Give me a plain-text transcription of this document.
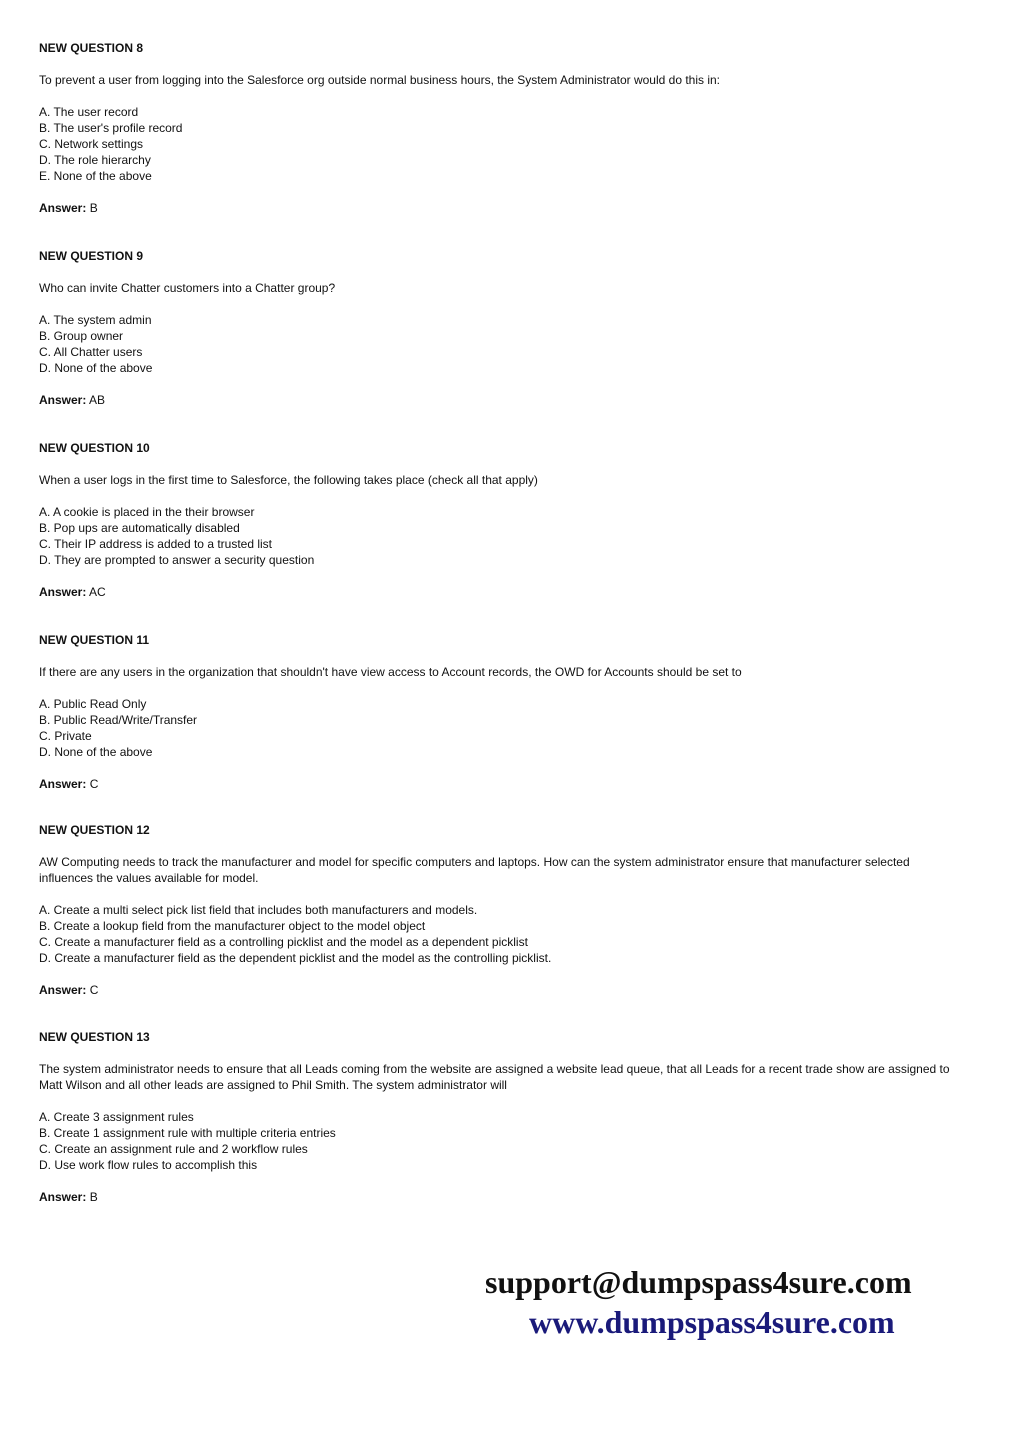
NEW QUESTION 8
To prevent a user from logging into the Salesforce org outside normal business hours, the System Administrator would do this in:
A. The user record
B. The user's profile record
C. Network settings
D. The role hierarchy
E. None of the above
Answer: B
NEW QUESTION 9
Who can invite Chatter customers into a Chatter group?
A. The system admin
B. Group owner
C. All Chatter users
D. None of the above
Answer: AB
NEW QUESTION 10
When a user logs in the first time to Salesforce, the following takes place (check all that apply)
A. A cookie is placed in the their browser
B. Pop ups are automatically disabled
C. Their IP address is added to a trusted list
D. They are prompted to answer a security question
Answer: AC
NEW QUESTION 11
If there are any users in the organization that shouldn't have view access to Account records, the OWD for Accounts should be set to
A. Public Read Only
B. Public Read/Write/Transfer
C. Private
D. None of the above
Answer: C
NEW QUESTION 12
AW Computing needs to track the manufacturer and model for specific computers and laptops. How can the system administrator ensure that manufacturer selected influences the values available for model.
A. Create a multi select pick list field that includes both manufacturers and models.
B. Create a lookup field from the manufacturer object to the model object
C. Create a manufacturer field as a controlling picklist and the model as a dependent picklist
D. Create a manufacturer field as the dependent picklist and the model as the controlling picklist.
Answer: C
NEW QUESTION 13
The system administrator needs to ensure that all Leads coming from the website are assigned a website lead queue, that all Leads for a recent trade show are assigned to Matt Wilson and all other leads are assigned to Phil Smith. The system administrator will
A. Create 3 assignment rules
B. Create 1 assignment rule with multiple criteria entries
C. Create an assignment rule and 2 workflow rules
D. Use work flow rules to accomplish this
Answer: B
support@dumpspass4sure.com
www.dumpspass4sure.com
